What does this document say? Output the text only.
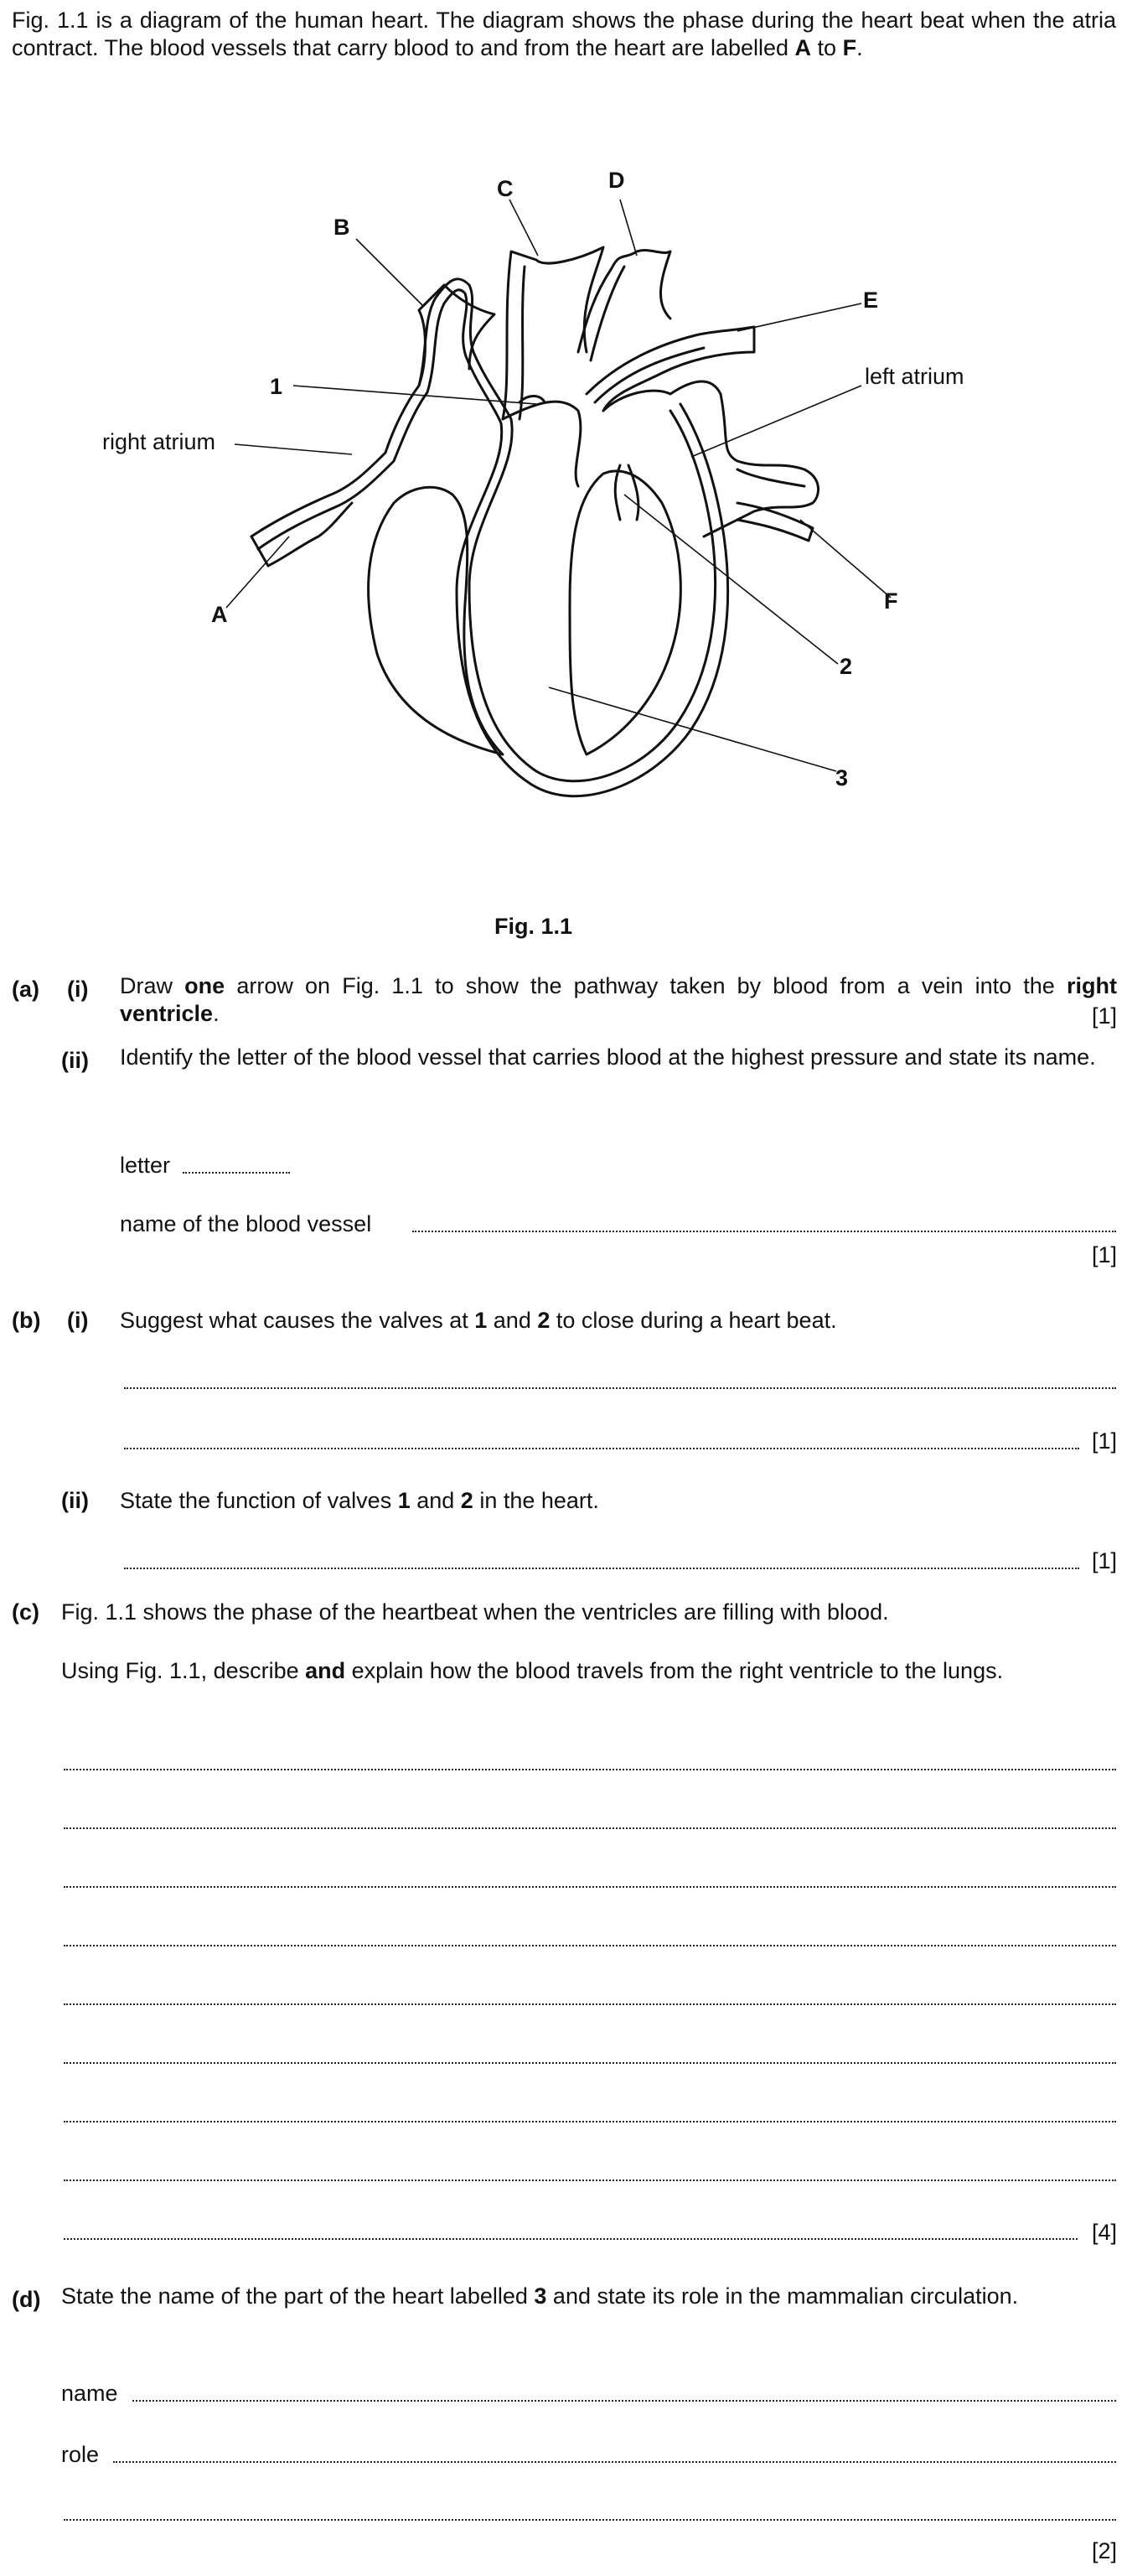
Fig. 1.1 is a diagram of the human heart. The diagram shows the phase during the heart beat when the atria contract. The blood vessels that carry blood to and from the heart are labelled A to F.
A
B
C	D
E
F
1
2
3
right atrium
left atrium
Fig. 1.1
(a) (i) Draw one arrow on Fig. 1.1 to show the pathway taken by blood from a vein into the right ventricle.	[1]
(ii) Identify the letter of the blood vessel that carries blood at the highest pressure and state its name.
letter
name of the blood vessel
[1]
(b) (i) Suggest what causes the valves at 1 and 2 to close during a heart beat.
[1]
(ii) State the function of valves 1 and 2 in the heart.
[1]
(c) Fig. 1.1 shows the phase of the heartbeat when the ventricles are filling with blood.
Using Fig. 1.1, describe and explain how the blood travels from the right ventricle to the lungs.
[4]
(d) State the name of the part of the heart labelled 3 and state its role in the mammalian circulation.
name
role
[2]
